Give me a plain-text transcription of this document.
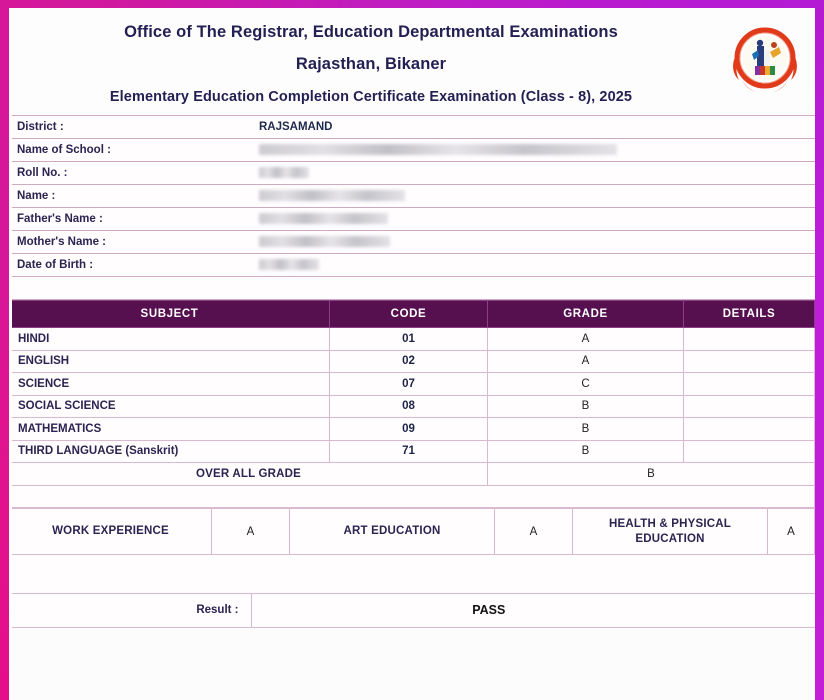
Office of The Registrar, Education Departmental Examinations
Rajasthan, Bikaner
Elementary Education Completion Certificate Examination (Class - 8), 2025
District :	RAJSAMAND
Name of School :	
Roll No. :	
Name :	
Father's Name :	
Mother's Name :	
Date of Birth :	

SUBJECT	CODE	GRADE	DETAILS
HINDI	01	A	
ENGLISH	02	A	
SCIENCE	07	C	
SOCIAL SCIENCE	08	B	
MATHEMATICS	09	B	
THIRD LANGUAGE (Sanskrit)	71	B	
OVER ALL GRADE		B	

WORK EXPERIENCE	A	ART EDUCATION	A	HEALTH & PHYSICAL EDUCATION	A

Result :	PASS
